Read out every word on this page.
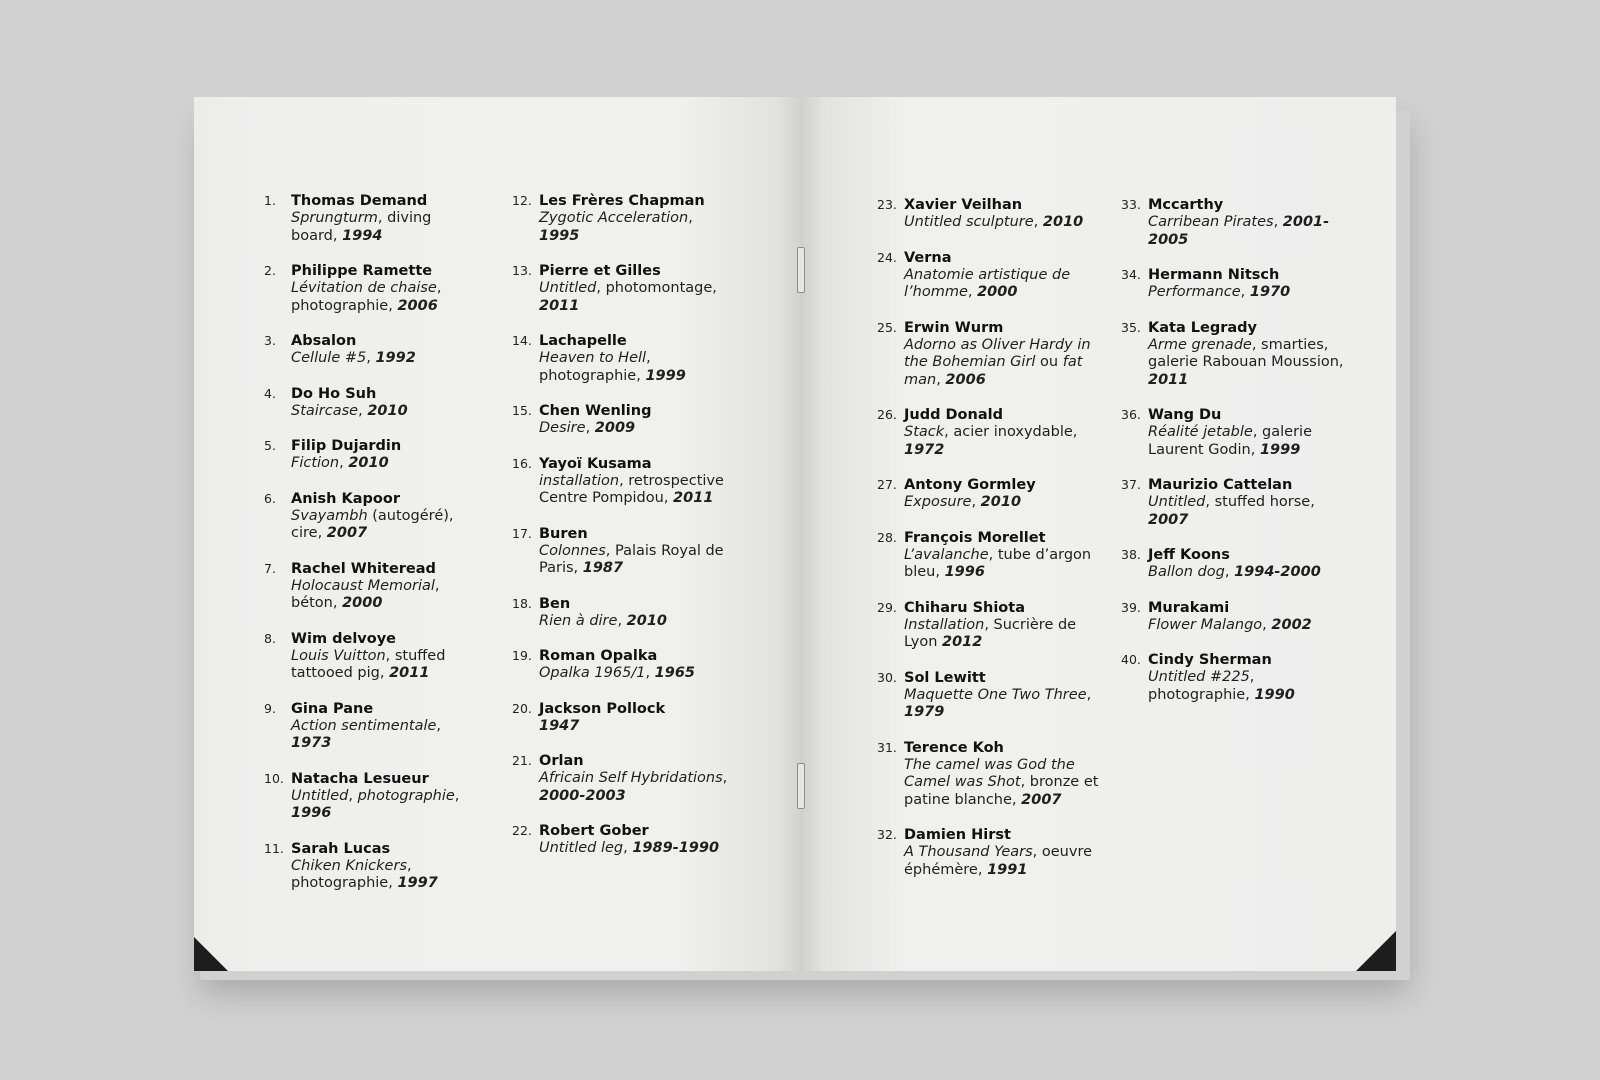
1. Thomas Demand
Sprungturm, diving board, 1994
2. Philippe Ramette
Lévitation de chaise, photographie, 2006
3. Absalon
Cellule #5, 1992
4. Do Ho Suh
Staircase, 2010
5. Filip Dujardin
Fiction, 2010
6. Anish Kapoor
Svayambh (autogéré), cire, 2007
7. Rachel Whiteread
Holocaust Memorial, béton, 2000
8. Wim delvoye
Louis Vuitton, stuffed tattooed pig, 2011
9. Gina Pane
Action sentimentale, 1973
10. Natacha Lesueur
Untitled, photographie, 1996
11. Sarah Lucas
Chiken Knickers, photographie, 1997
12. Les Frères Chapman
Zygotic Acceleration, 1995
13. Pierre et Gilles
Untitled, photomontage, 2011
14. Lachapelle
Heaven to Hell, photographie, 1999
15. Chen Wenling
Desire, 2009
16. Yayoï Kusama
installation, retrospective Centre Pompidou, 2011
17. Buren
Colonnes, Palais Royal de Paris, 1987
18. Ben
Rien à dire, 2010
19. Roman Opalka
Opalka 1965/1, 1965
20. Jackson Pollock
1947
21. Orlan
Africain Self Hybridations, 2000-2003
22. Robert Gober
Untitled leg, 1989-1990
23. Xavier Veilhan
Untitled sculpture, 2010
24. Verna
Anatomie artistique de l’homme, 2000
25. Erwin Wurm
Adorno as Oliver Hardy in the Bohemian Girl ou fat man, 2006
26. Judd Donald
Stack, acier inoxydable, 1972
27. Antony Gormley
Exposure, 2010
28. François Morellet
L’avalanche, tube d’argon bleu, 1996
29. Chiharu Shiota
Installation, Sucrière de Lyon 2012
30. Sol Lewitt
Maquette One Two Three, 1979
31. Terence Koh
The camel was God the Camel was Shot, bronze et patine blanche, 2007
32. Damien Hirst
A Thousand Years, oeuvre éphémère, 1991
33. Mccarthy
Carribean Pirates, 2001-2005
34. Hermann Nitsch
Performance, 1970
35. Kata Legrady
Arme grenade, smarties, galerie Rabouan Moussion, 2011
36. Wang Du
Réalité jetable, galerie Laurent Godin, 1999
37. Maurizio Cattelan
Untitled, stuffed horse, 2007
38. Jeff Koons
Ballon dog, 1994-2000
39. Murakami
Flower Malango, 2002
40. Cindy Sherman
Untitled #225, photographie, 1990
